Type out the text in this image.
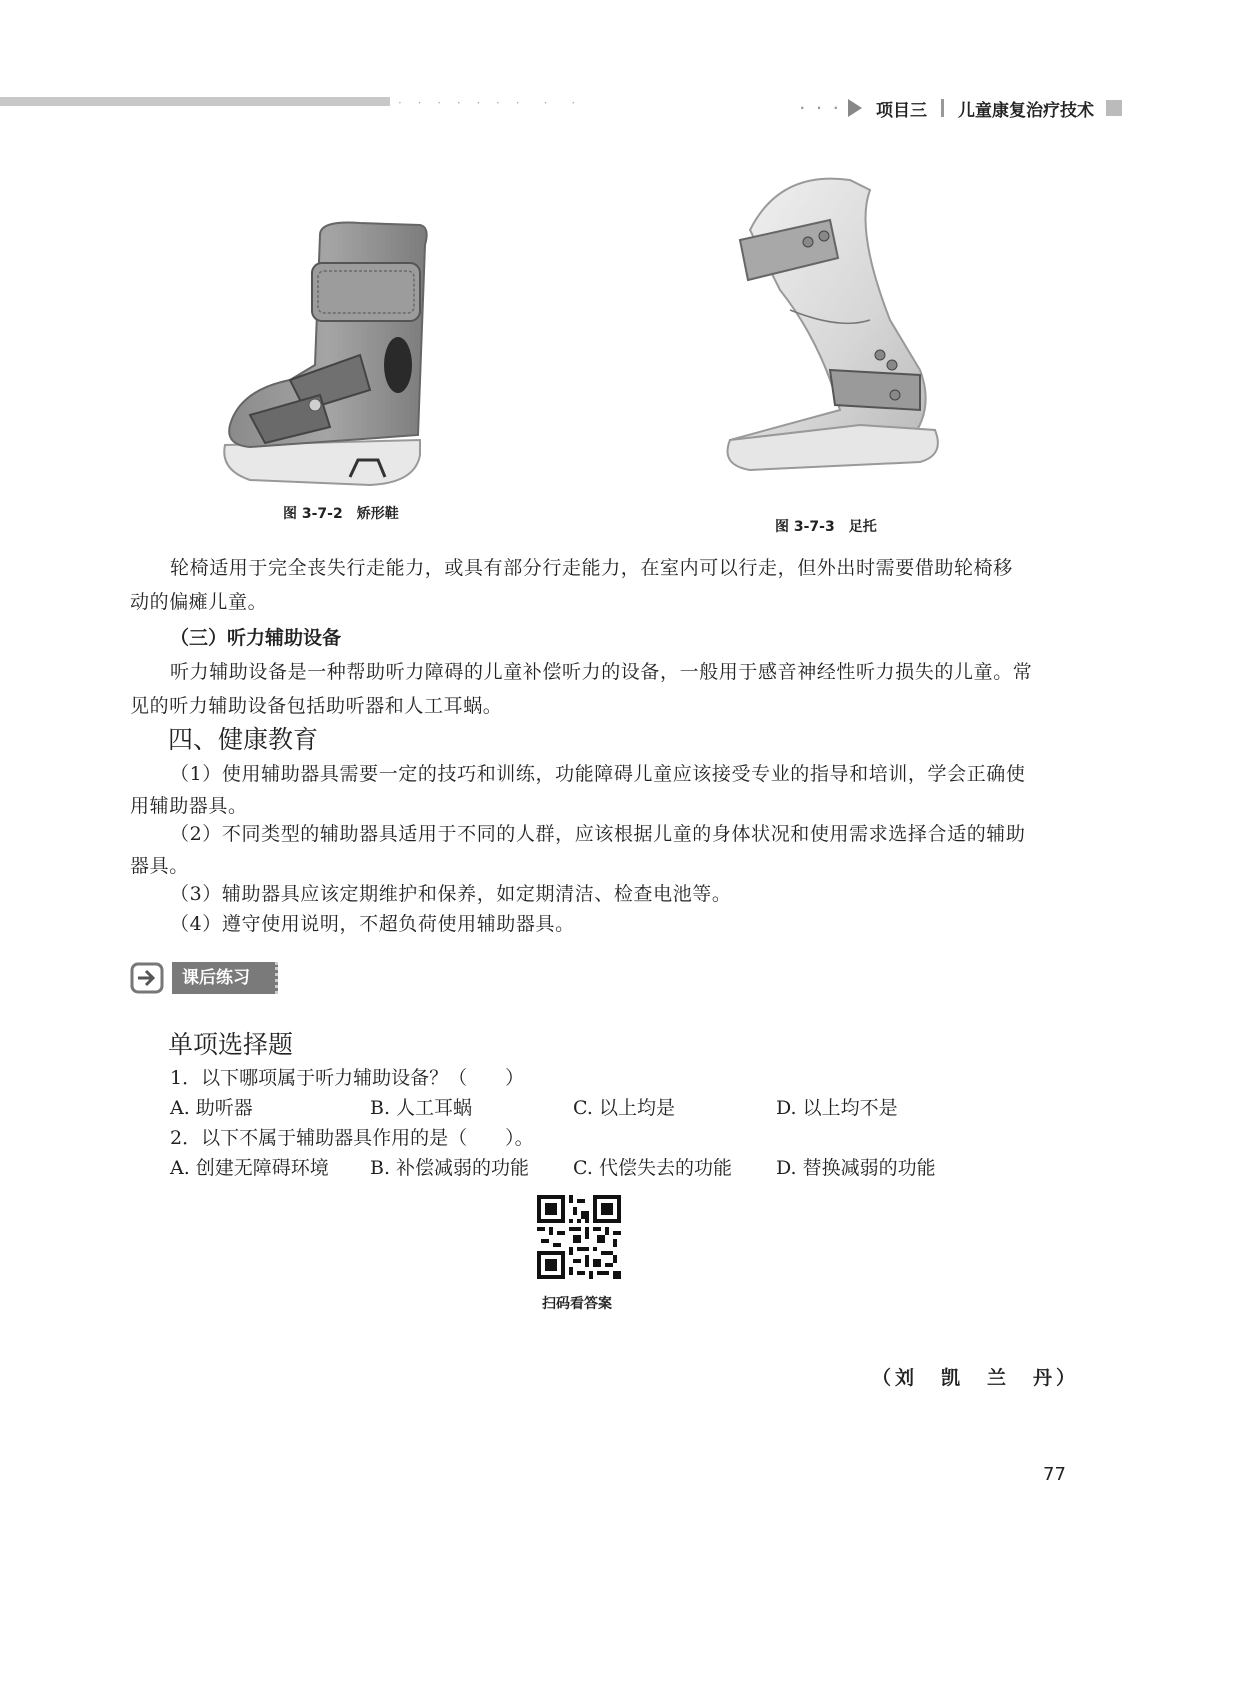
· · · · · · ·　·　·	· · · 项目三 儿童康复治疗技术
图 3-7-2　矫形鞋
图 3-7-3　足托
轮椅适用于完全丧失行走能力，或具有部分行走能力，在室内可以行走，但外出时需要借助轮椅移动的偏瘫儿童。
（三）听力辅助设备
听力辅助设备是一种帮助听力障碍的儿童补偿听力的设备，一般用于感音神经性听力损失的儿童。常见的听力辅助设备包括助听器和人工耳蜗。
四、健康教育
（1）使用辅助器具需要一定的技巧和训练，功能障碍儿童应该接受专业的指导和培训，学会正确使用辅助器具。
（2）不同类型的辅助器具适用于不同的人群，应该根据儿童的身体状况和使用需求选择合适的辅助器具。
（3）辅助器具应该定期维护和保养，如定期清洁、检查电池等。
（4）遵守使用说明，不超负荷使用辅助器具。
课后练习
单项选择题
1．以下哪项属于听力辅助设备？（　　）
A. 助听器	B. 人工耳蜗	C. 以上均是	D. 以上均不是
2．以下不属于辅助器具作用的是（　　）。
A. 创建无障碍环境 B. 补偿减弱的功能 C. 代偿失去的功能 D. 替换减弱的功能
扫码看答案
（刘　凯　兰　丹）
77
